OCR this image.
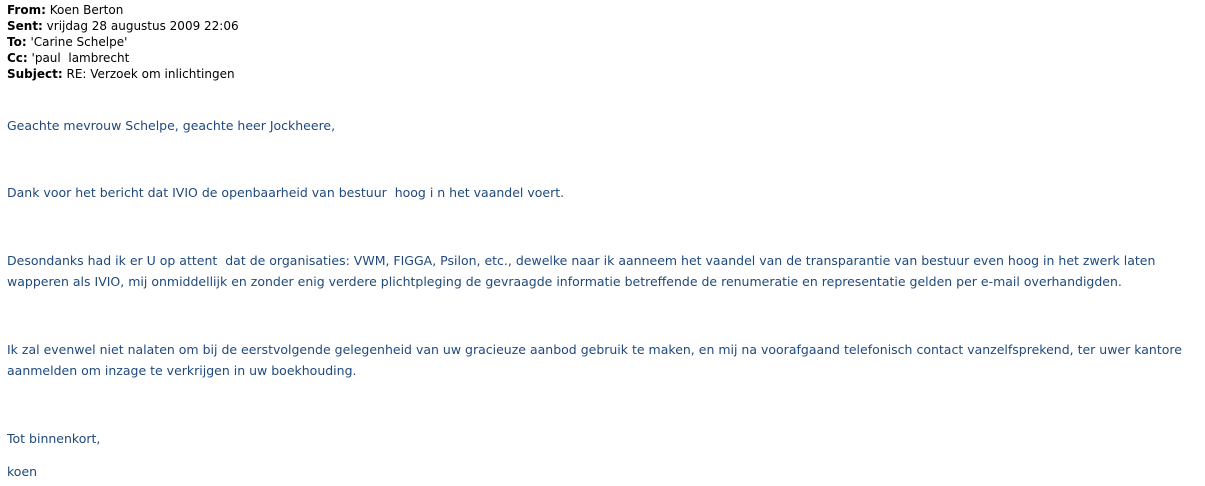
From: Koen Berton
Sent: vrijdag 28 augustus 2009 22:06
To: 'Carine Schelpe'
Cc: 'paul  lambrecht
Subject: RE: Verzoek om inlichtingen
Geachte mevrouw Schelpe, geachte heer Jockheere,
Dank voor het bericht dat IVIO de openbaarheid van bestuur  hoog i n het vaandel voert.
Desondanks had ik er U op attent  dat de organisaties: VWM, FIGGA, Psilon, etc., dewelke naar ik aanneem het vaandel van de transparantie van bestuur even hoog in het zwerk laten wapperen als IVIO, mij onmiddellijk en zonder enig verdere plichtpleging de gevraagde informatie betreffende de renumeratie en representatie gelden per e-mail overhandigden.
Ik zal evenwel niet nalaten om bij de eerstvolgende gelegenheid van uw gracieuze aanbod gebruik te maken, en mij na voorafgaand telefonisch contact vanzelfsprekend, ter uwer kantore aanmelden om inzage te verkrijgen in uw boekhouding.
Tot binnenkort,
koen
